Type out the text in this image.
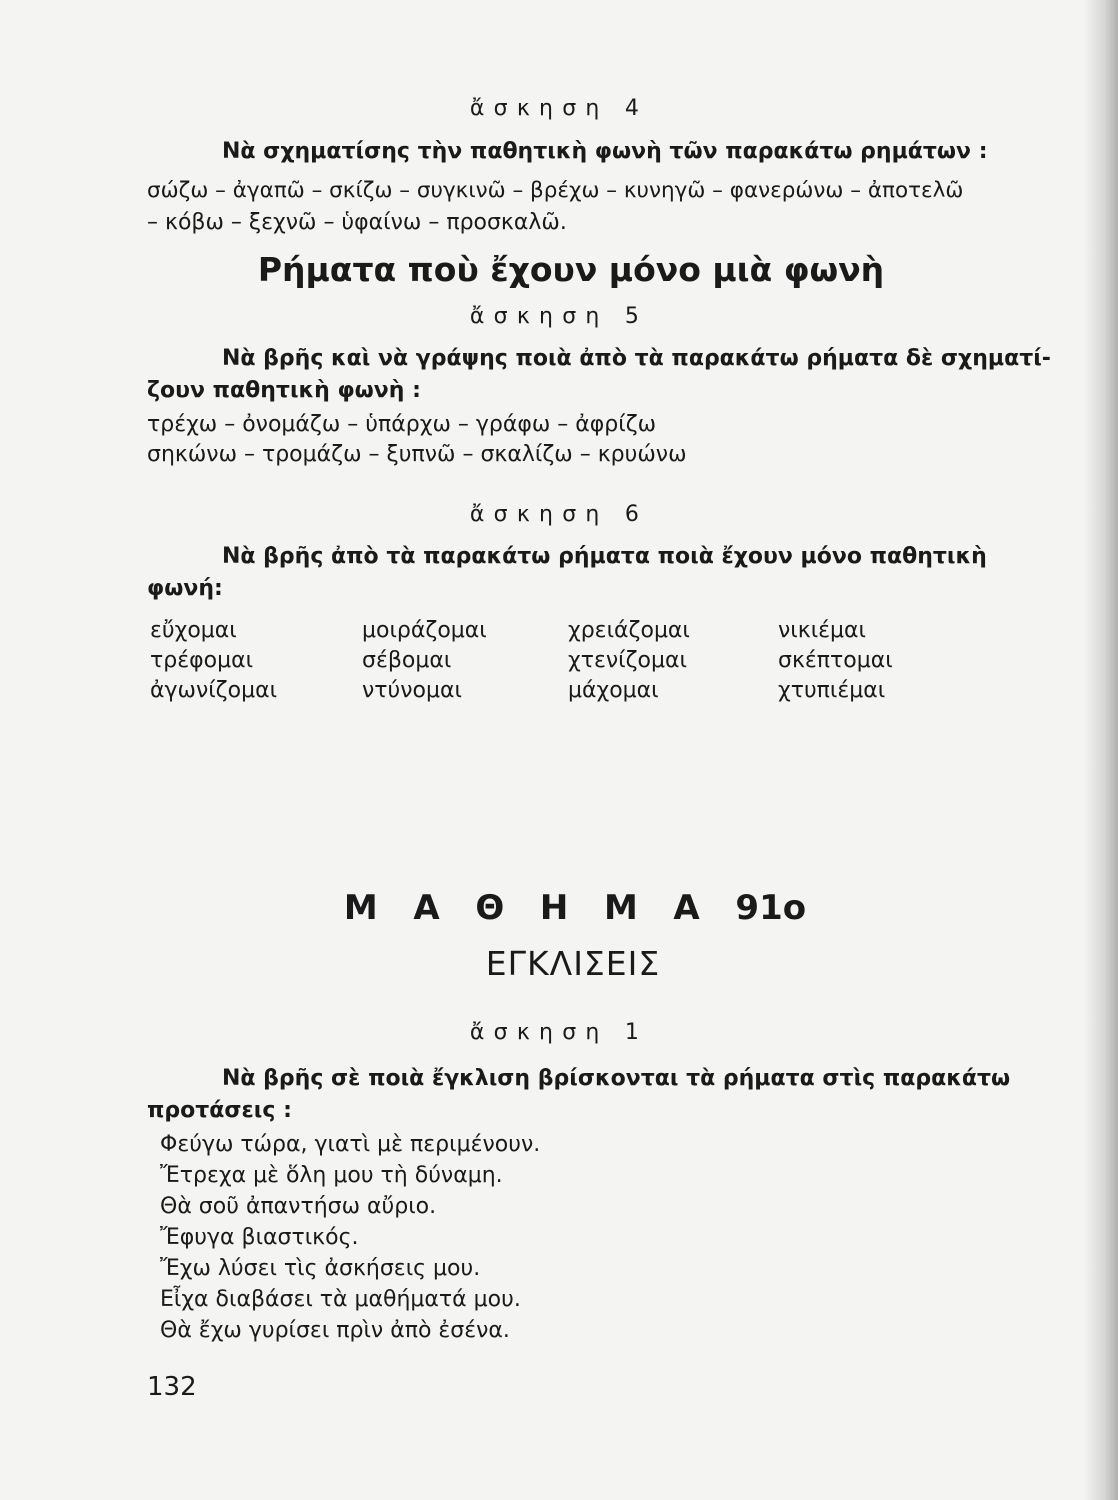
ἄσκηση 4
Νὰ σχηματίσης τὴν παθητικὴ φωνὴ τῶν παρακάτω ρημάτων :
σώζω – ἀγαπῶ – σκίζω – συγκινῶ – βρέχω – κυνηγῶ – φανερώνω – ἀποτελῶ
– κόβω – ξεχνῶ – ὑφαίνω – προσκαλῶ.
Ρήματα ποὺ ἔχουν μόνο μιὰ φωνὴ
ἄσκηση 5
Νὰ βρῆς καὶ νὰ γράψης ποιὰ ἀπὸ τὰ παρακάτω ρήματα δὲ σχηματί-
ζουν παθητικὴ φωνὴ :
τρέχω – ὀνομάζω – ὑπάρχω – γράφω – ἀφρίζω
σηκώνω – τρομάζω – ξυπνῶ – σκαλίζω – κρυώνω
ἄσκηση 6
Νὰ βρῆς ἀπὸ τὰ παρακάτω ρήματα ποιὰ ἔχουν μόνο παθητικὴ
φωνή:
εὔχομαι	μοιράζομαι	χρειάζομαι	νικιέμαι
τρέφομαι	σέβομαι	χτενίζομαι	σκέπτομαι
ἀγωνίζομαι	ντύνομαι	μάχομαι	χτυπιέμαι
Μ Α Θ Η Μ Α 91ο
ΕΓΚΛΙΣΕΙΣ
ἄσκηση 1
Νὰ βρῆς σὲ ποιὰ ἔγκλιση βρίσκονται τὰ ρήματα στὶς παρακάτω
προτάσεις :
Φεύγω τώρα, γιατὶ μὲ περιμένουν.
Ἔτρεχα μὲ ὅλη μου τὴ δύναμη.
Θὰ σοῦ ἀπαντήσω αὔριο.
Ἔφυγα βιαστικός.
Ἔχω λύσει τὶς ἀσκήσεις μου.
Εἶχα διαβάσει τὰ μαθήματά μου.
Θὰ ἔχω γυρίσει πρὶν ἀπὸ ἐσένα.
132
